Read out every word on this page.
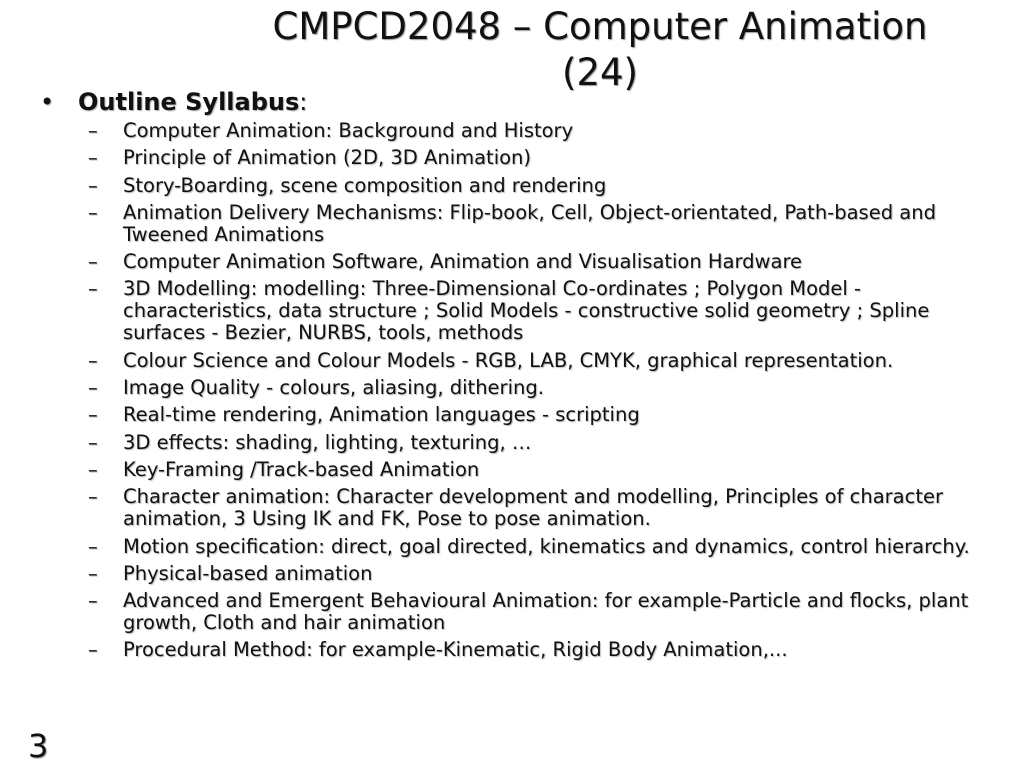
CMPCD2048 – Computer Animation
(24)
• Outline Syllabus:
– Computer Animation: Background and History
– Principle of Animation (2D, 3D Animation)
– Story-Boarding, scene composition and rendering
– Animation Delivery Mechanisms: Flip-book, Cell, Object-orientated, Path-based and Tweened Animations
– Computer Animation Software, Animation and Visualisation Hardware
– 3D Modelling: modelling: Three-Dimensional Co-ordinates ; Polygon Model - characteristics, data structure ; Solid Models - constructive solid geometry ; Spline surfaces - Bezier, NURBS, tools, methods
– Colour Science and Colour Models - RGB, LAB, CMYK, graphical representation.
– Image Quality - colours, aliasing, dithering.
– Real-time rendering, Animation languages - scripting
– 3D effects: shading, lighting, texturing, …
– Key-Framing /Track-based Animation
– Character animation: Character development and modelling, Principles of character animation, 3 Using IK and FK, Pose to pose animation.
– Motion specification: direct, goal directed, kinematics and dynamics, control hierarchy.
– Physical-based animation
– Advanced and Emergent Behavioural Animation: for example-Particle and flocks, plant growth, Cloth and hair animation
– Procedural Method: for example-Kinematic, Rigid Body Animation,...
3
